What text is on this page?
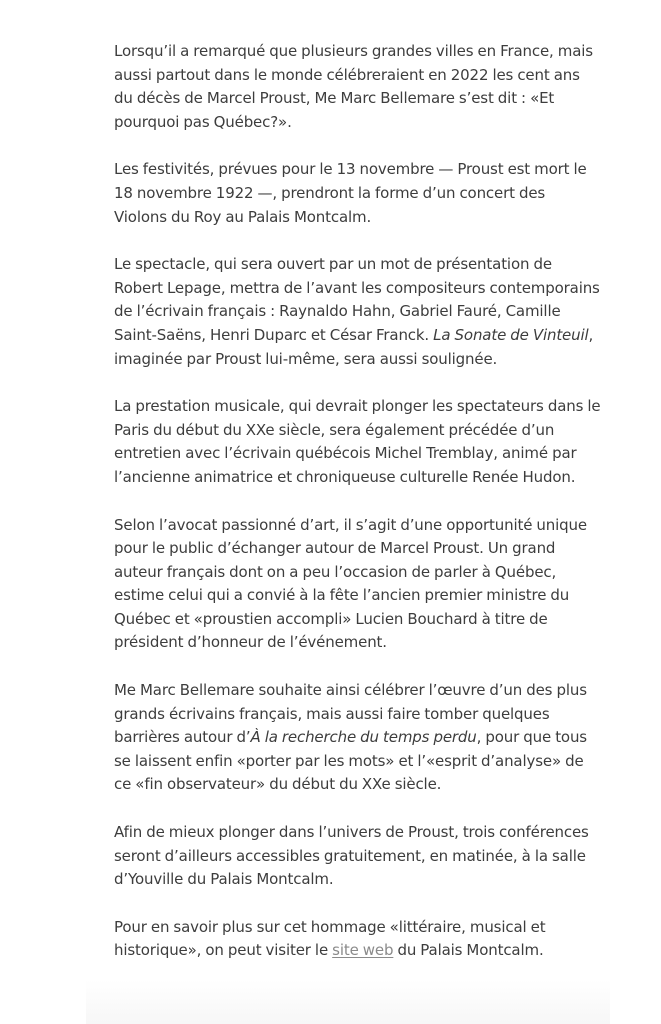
Lorsqu’il a remarqué que plusieurs grandes villes en France, mais aussi partout dans le monde célébreraient en 2022 les cent ans du décès de Marcel Proust, Me Marc Bellemare s’est dit : «Et pourquoi pas Québec?».

Les festivités, prévues pour le 13 novembre — Proust est mort le 18 novembre 1922 —, prendront la forme d’un concert des Violons du Roy au Palais Montcalm.

Le spectacle, qui sera ouvert par un mot de présentation de Robert Lepage, mettra de l’avant les compositeurs contemporains de l’écrivain français : Raynaldo Hahn, Gabriel Fauré, Camille Saint-Saëns, Henri Duparc et César Franck. La Sonate de Vinteuil, imaginée par Proust lui-même, sera aussi soulignée.

La prestation musicale, qui devrait plonger les spectateurs dans le Paris du début du XXe siècle, sera également précédée d’un entretien avec l’écrivain québécois Michel Tremblay, animé par l’ancienne animatrice et chroniqueuse culturelle Renée Hudon.

Selon l’avocat passionné d’art, il s’agit d’une opportunité unique pour le public d’échanger autour de Marcel Proust. Un grand auteur français dont on a peu l’occasion de parler à Québec, estime celui qui a convié à la fête l’ancien premier ministre du Québec et «proustien accompli» Lucien Bouchard à titre de président d’honneur de l’événement.

Me Marc Bellemare souhaite ainsi célébrer l’œuvre d’un des plus grands écrivains français, mais aussi faire tomber quelques barrières autour d’À la recherche du temps perdu, pour que tous se laissent enfin «porter par les mots» et l’«esprit d’analyse» de ce «fin observateur» du début du XXe siècle.

Afin de mieux plonger dans l’univers de Proust, trois conférences seront d’ailleurs accessibles gratuitement, en matinée, à la salle d’Youville du Palais Montcalm.

Pour en savoir plus sur cet hommage «littéraire, musical et historique», on peut visiter le site web du Palais Montcalm.
